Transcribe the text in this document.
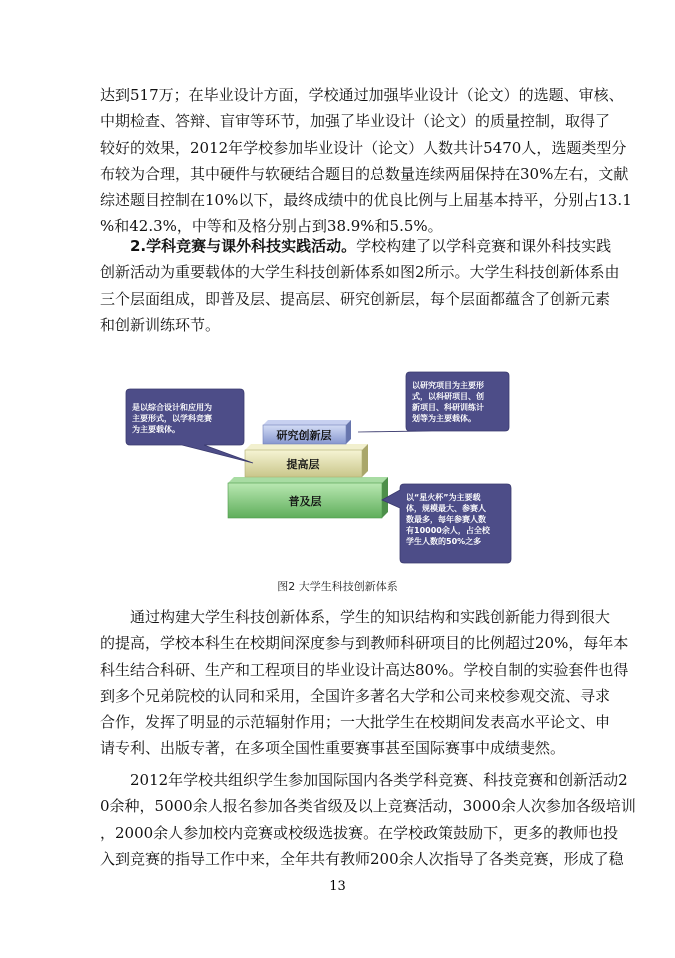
达到517万；在毕业设计方面，学校通过加强毕业设计（论文）的选题、审核、
中期检查、答辩、盲审等环节，加强了毕业设计（论文）的质量控制，取得了
较好的效果，2012年学校参加毕业设计（论文）人数共计5470人，选题类型分
布较为合理，其中硬件与软硬结合题目的总数量连续两届保持在30%左右，文献
综述题目控制在10%以下，最终成绩中的优良比例与上届基本持平，分别占13.1
%和42.3%，中等和及格分别占到38.9%和5.5%。
2.学科竞赛与课外科技实践活动。学校构建了以学科竞赛和课外科技实践
创新活动为重要载体的大学生科技创新体系如图2所示。大学生科技创新体系由
三个层面组成，即普及层、提高层、研究创新层，每个层面都蕴含了创新元素
和创新训练环节。
普及层
提高层
研究创新层
是以综合设计和应用为
主要形式，以学科竞赛
为主要载体。
以研究项目为主要形
式，以科研项目、创
新项目、科研训练计
划等为主要载体。
以“星火杯”为主要载
体，规模最大、参赛人
数最多，每年参赛人数
有10000余人，占全校
学生人数的50%之多
图2 大学生科技创新体系
通过构建大学生科技创新体系，学生的知识结构和实践创新能力得到很大
的提高，学校本科生在校期间深度参与到教师科研项目的比例超过20%，每年本
科生结合科研、生产和工程项目的毕业设计高达80%。学校自制的实验套件也得
到多个兄弟院校的认同和采用，全国许多著名大学和公司来校参观交流、寻求
合作，发挥了明显的示范辐射作用；一大批学生在校期间发表高水平论文、申
请专利、出版专著，在多项全国性重要赛事甚至国际赛事中成绩斐然。
2012年学校共组织学生参加国际国内各类学科竞赛、科技竞赛和创新活动2
0余种，5000余人报名参加各类省级及以上竞赛活动，3000余人次参加各级培训
，2000余人参加校内竞赛或校级选拔赛。在学校政策鼓励下，更多的教师也投
入到竞赛的指导工作中来，全年共有教师200余人次指导了各类竞赛，形成了稳
13
